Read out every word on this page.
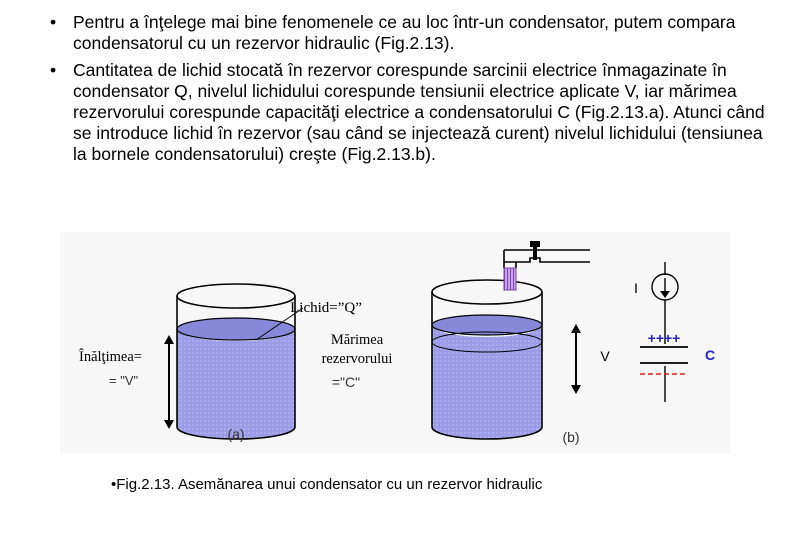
• Pentru a înţelege mai bine fenomenele ce au loc într-un condensator, putem compara condensatorul cu un rezervor hidraulic (Fig.2.13).
• Cantitatea de lichid stocată în rezervor corespunde sarcinii electrice înmagazinate în condensator Q, nivelul lichidului corespunde tensiunii electrice aplicate V, iar mărimea rezervorului corespunde capacităţi electrice a condensatorului C (Fig.2.13.a). Atunci când se introduce lichid în rezervor (sau când se injectează curent) nivelul lichidului (tensiunea la bornele condensatorului) creşte (Fig.2.13.b).
Lichid=”Q”
Mărimea
rezervorului
="C"
Înălţimea=
= "V"
(a)
V
(b)
++++
I
C
•Fig.2.13. Asemănarea unui condensator cu un rezervor hidraulic
